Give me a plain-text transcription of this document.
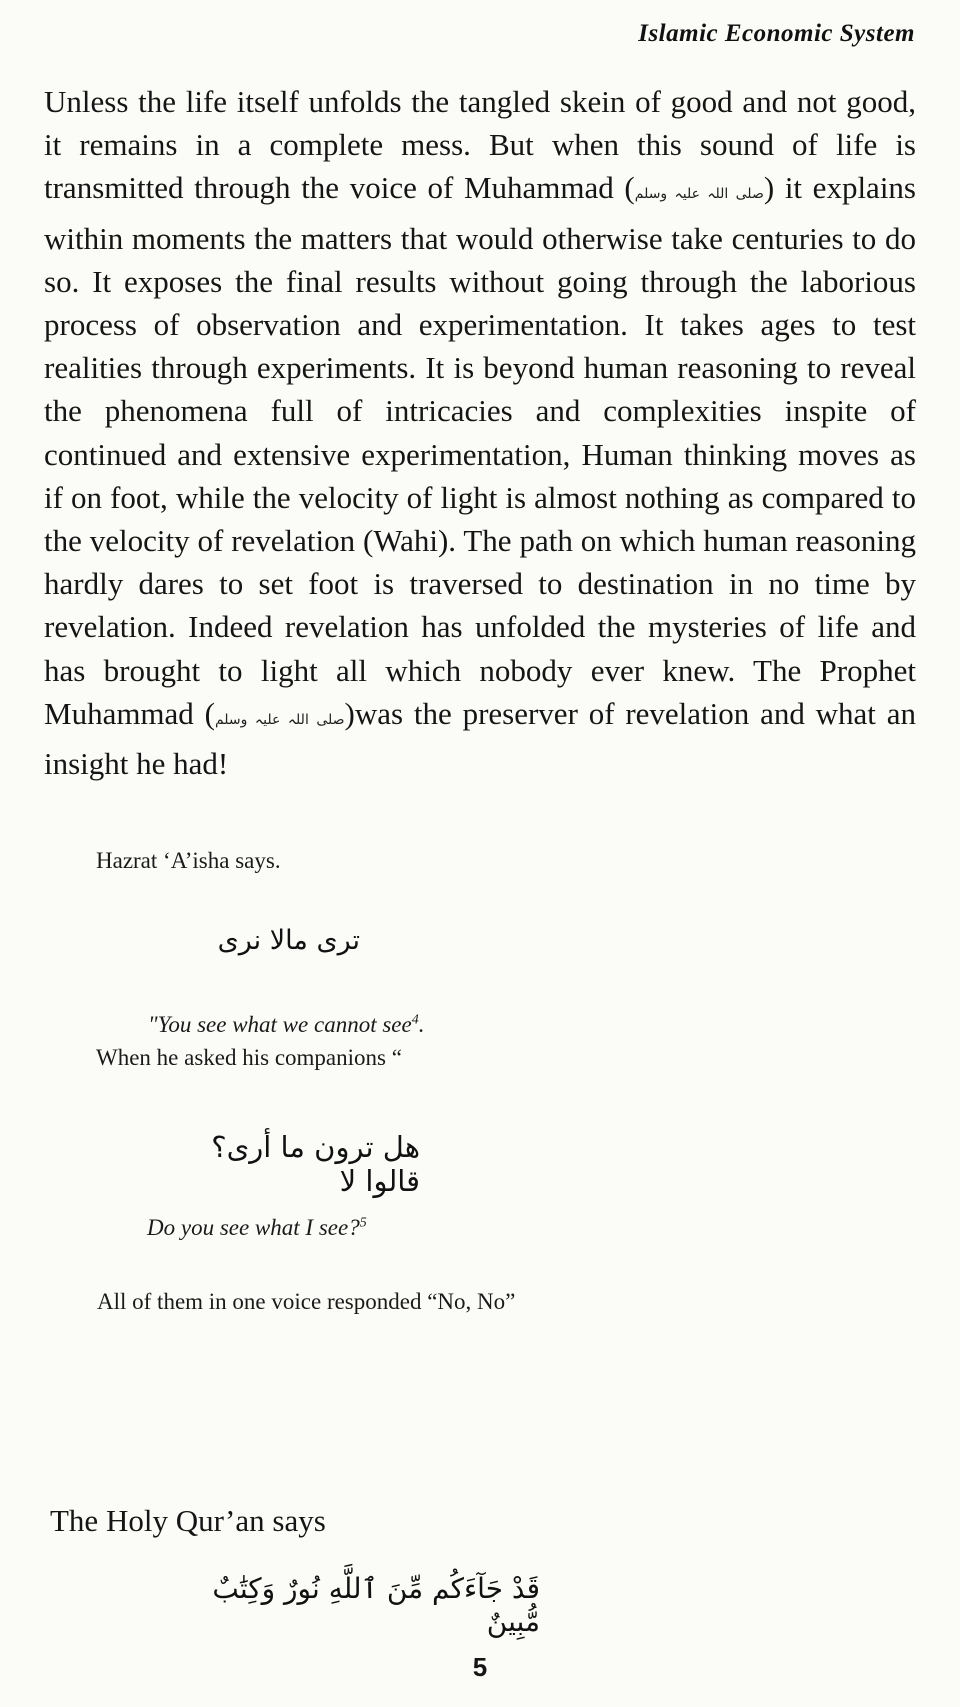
Islamic Economic System

Unless the life itself unfolds the tangled skein of good and not good, it remains in a complete mess. But when this sound of life is transmitted through the voice of Muhammad (صلی اللہ علیہ وسلم) it explains within moments the matters that would otherwise take centuries to do so. It exposes the final results without going through the laborious process of observation and experimentation. It takes ages to test realities through experiments. It is beyond human reasoning to reveal the phenomena full of intricacies and complexities inspite of continued and extensive experimentation, Human thinking moves as if on foot, while the velocity of light is almost nothing as compared to the velocity of revelation (Wahi). The path on which human reasoning hardly dares to set foot is traversed to destination in no time by revelation. Indeed revelation has unfolded the mysteries of life and has brought to light all which nobody ever knew. The Prophet Muhammad (صلی اللہ علیہ وسلم)was the preserver of revelation and what an insight he had!

Hazrat ‘A’isha says.
تری مالا نری
"You see what we cannot see$^4$.
When he asked his companions “
هل ترون ما أرى؟ قالوا لا
Do you see what I see?$^5$
All of them in one voice responded “No, No”
The Holy Qur’an says
قَدْ جَآءَكُم مِّنَ ٱللَّهِ نُورٌ وَكِتَٰبٌ مُّبِينٌ
5
